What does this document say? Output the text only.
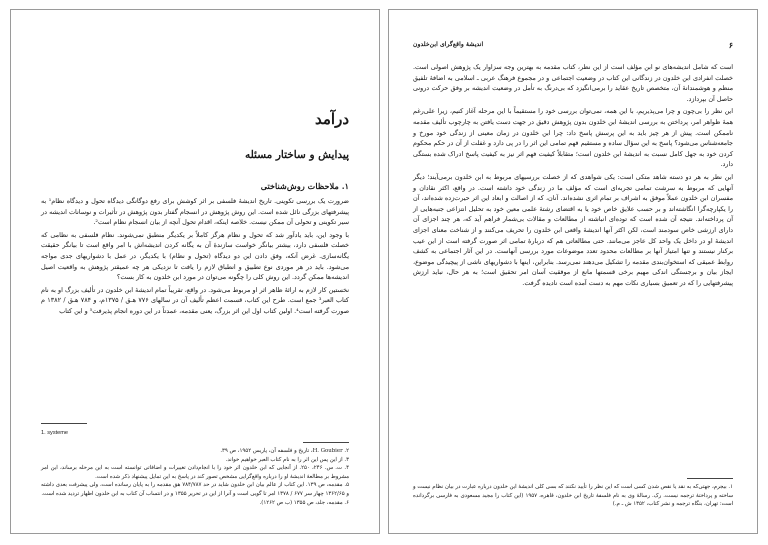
درآمد
پیدایش و ساختار مسئله
۱. ملاحظات روش‌شناختی

ضرورت یک بررسی تکوینی. تاریخ اندیشهٔ فلسفی بر اثر کوشش برای رفع دوگانگی دیدگاه تحول و دیدگاه نظام¹ به پیشرفتهای بزرگی نائل شده است. این روش پژوهش در انسجام گفتار بدون پژوهش در تأثیرات و نوسانات اندیشه در سیر تکوینی و تحولی آن ممکن نیست. خلاصه اینکه، اقدام تحول آنچه از بیان انسجام نظام است².

با وجود این، باید یادآور شد که تحول و نظام هرگز کاملاً بر یکدیگر منطبق نمی‌شوند. نظام فلسفی به نظامی که خصلت فلسفی دارد، بیشتر بیانگر خواست سازندهٔ آن به یگانه کردن اندیشه‌اش با امر واقع است تا بیانگر حقیقت یگانه‌سازی. غرض آنکه، وفق دادن این دو دیدگاه (تحول و نظام) با یکدیگر، در عمل با دشواریهای جدی مواجه می‌شود. باید در هر موردی نوع تطبیق و انطباق لازم را یافت تا نزدیکی هر چه عمیقتر پژوهش به واقعیت اصیل اندیشه‌ها ممکن گردد. این روش کلی را چگونه می‌توان در مورد ابن خلدون به کار بست؟

نخستین کار لازم به ارائهٔ ظاهر اثر او مربوط می‌شود. در واقع، تقریباً تمام اندیشهٔ ابن خلدون در تألیف بزرگ او به نام کتاب العبر³ جمع است. طرح این کتاب، قسمت اعظم تألیف آن در سالهای ۷۷۶ هـق / ۱۳۷۵م، و ۷۸۴ هـق / ۱۳۸۲ م صورت گرفته است⁴. اولین کتاب اول این اثر بزرگ، یعنی مقدمه، عمدتاً در این دوره انجام پذیرفت⁵ و این کتاب

1. systeme

۲. H. Goubier، تاریخ و فلسفه آن، پاریس ۱۹۵۲، ص ۳۹.

۳. از این پس این اثر را به نام کتاب العبر خواهیم خواند.

۴. ت. س. ۲۴۶، ۲۵۰. از آنجایی که ابن خلدون اثر خود را با انجام‌دادن تغییرات و اضافاتی توانسته است به این مرحله برساند، این امر مشروط بر مطالعهٔ اندیشهٔ او را درباره واقع‌گرایی مشخص تصور کند در پاسخ به این تمایل پیشنهاد ذکر شده است.

۵. مقدمه، ص ۱۳۹. این کتاب از عالم بیان ابن خلدون شاید در حد ۷۸۴/۷۸۷ هق مقدمه را به پایان رسانده است، ولی پیشرفت بعدی داشته و ۱۳۶۲/۶۵ چهار سر ۶۷۷ / ۱۳۷۸ امر تا گویی است و آنرا از این در تحریر ۱۳۵۵ و در انتساب آن کتاب به ابن خلدون اظهار تردید شده است.

۶. مقدمه، جلد، ص ۱۳۵۵ (ب ص ۱۲۶۲).

۶
اندیشهٔ واقع‌گرای ابن‌خلدون

است که شامل اندیشه‌های نو ابن مؤلف است از این نظر، کتاب مقدمه به بهترین وجه سزاوار یک پژوهش اصولی است. خصلت انفرادی ابن خلدون در زندگانی این کتاب در وضعیت اجتماعی و در مجموع فرهنگ عربی ـ اسلامی به اضافهٔ تلفیق منظم و هوشمندانهٔ آن، متخصص تاریخ عقاید را برمی‌انگیزد که بی‌درنگ به تأمل در وضعیت اندیشه بر وفق حرکت درونی حاصل آن بپردازد.

این نظر را بی‌چون و چرا می‌پذیریم، با این همه، نمی‌توان بررسی خود را مستقیماً با این مرحله آغاز کنیم، زیرا علی‌رغم همهٔ ظواهر امر، پرداختن به بررسی اندیشهٔ ابن خلدون بدون پژوهش دقیق در جهت دست یافتن به چارچوب تألیف مقدمه ناممکن است. پیش از هر چیز باید به این پرسش پاسخ داد: چرا ابن خلدون در زمان معینی از زندگی خود مورخ و جامعه‌شناس می‌شود؟ پاسخ به این سؤال ساده و مستقیم فهم تمامی این اثر را در پی دارد و غفلت از آن در حکم محکوم کردن خود به جهل کامل نسبت به اندیشهٔ ابن خلدون است؛ متقابلاً کیفیت فهم اثر نیز به کیفیت پاسخ ادراک شده بستگی دارد.

این نظر به هر دو دسته شاهد متکی است: یکی شواهدی که از خصلت بررسیهای مربوط به ابن خلدون برمی‌آیند؛ دیگر آنهایی که مربوط به سرشت تمامی تجربه‌ای است که مؤلف ما در زندگی خود داشته است. در واقع، اکثر نقادان و مفسران ابن خلدون عملاً موفق به اشراف بر تمام اثری نشده‌اند. آنان، که از اصالت و ابعاد این اثر حیرت‌زده شده‌اند، آن را یکپارچه‌گرا انگاشته‌اند و بر حسب علایق خاص خود یا به اقتضای رشتهٔ علمی معین خود به تحلیل انتزاعی جنبه‌هایی از آن پرداخته‌اند. نتیجه آن شده است که توده‌ای انباشته از مطالعات و مقالات بی‌شمار فراهم آید که، هر چند اجزای آن دارای ارزشی خاص سودمند است، لکن اکثر آنها اندیشهٔ واقعی ابن خلدون را تحریف می‌کنند و از شناخت معنای اجزای اندیشهٔ او در داخل یک واحد کل عاجز می‌مانند. حتی مطالعاتی هم که دربارهٔ تمامی اثر صورت گرفته است از این عیب برکنار نیستند و تنها امتیاز آنها بر مطالعات محدود تعدد موضوعات مورد بررسی آنهاست. در این آثار اجتماعی به کشف روابط عمیقی که استخوان‌بندی مقدمه را تشکیل می‌دهند نمی‌رسد. بنابراین، اینها با دشواریهای ناشی از پیچیدگی موضوع، ایجاز بیان و برجستگی اندکی مهیم برخی قسمتها مانع از موفقیت آسان امر تحقیق است؛ به هر حال، نباید ارزش پیشرفتهایی را که در تعمیق بسیاری نکات مهم به دست آمده است نادیده گرفت.

۱. بیجرم، جهتی‌که به نقد یا نقص شدن کسی است که این نظر را تأیید نکنند که بسی کلی اندیشهٔ این خلدون درباره عبارت در بیان نظام نیست و ساخته و پرداختهٔ ترجمه نیست. رک. رسالهٔ وی به نام فلسفهٔ تاریخ ابن خلدون، قاهره، ۱۹۵۷ (این کتاب را مجید مسعودی به فارسی برگردانده است: تهران، بنگاه ترجمه و نشر کتاب، ۱۳۵۲ ش ـ م.)
